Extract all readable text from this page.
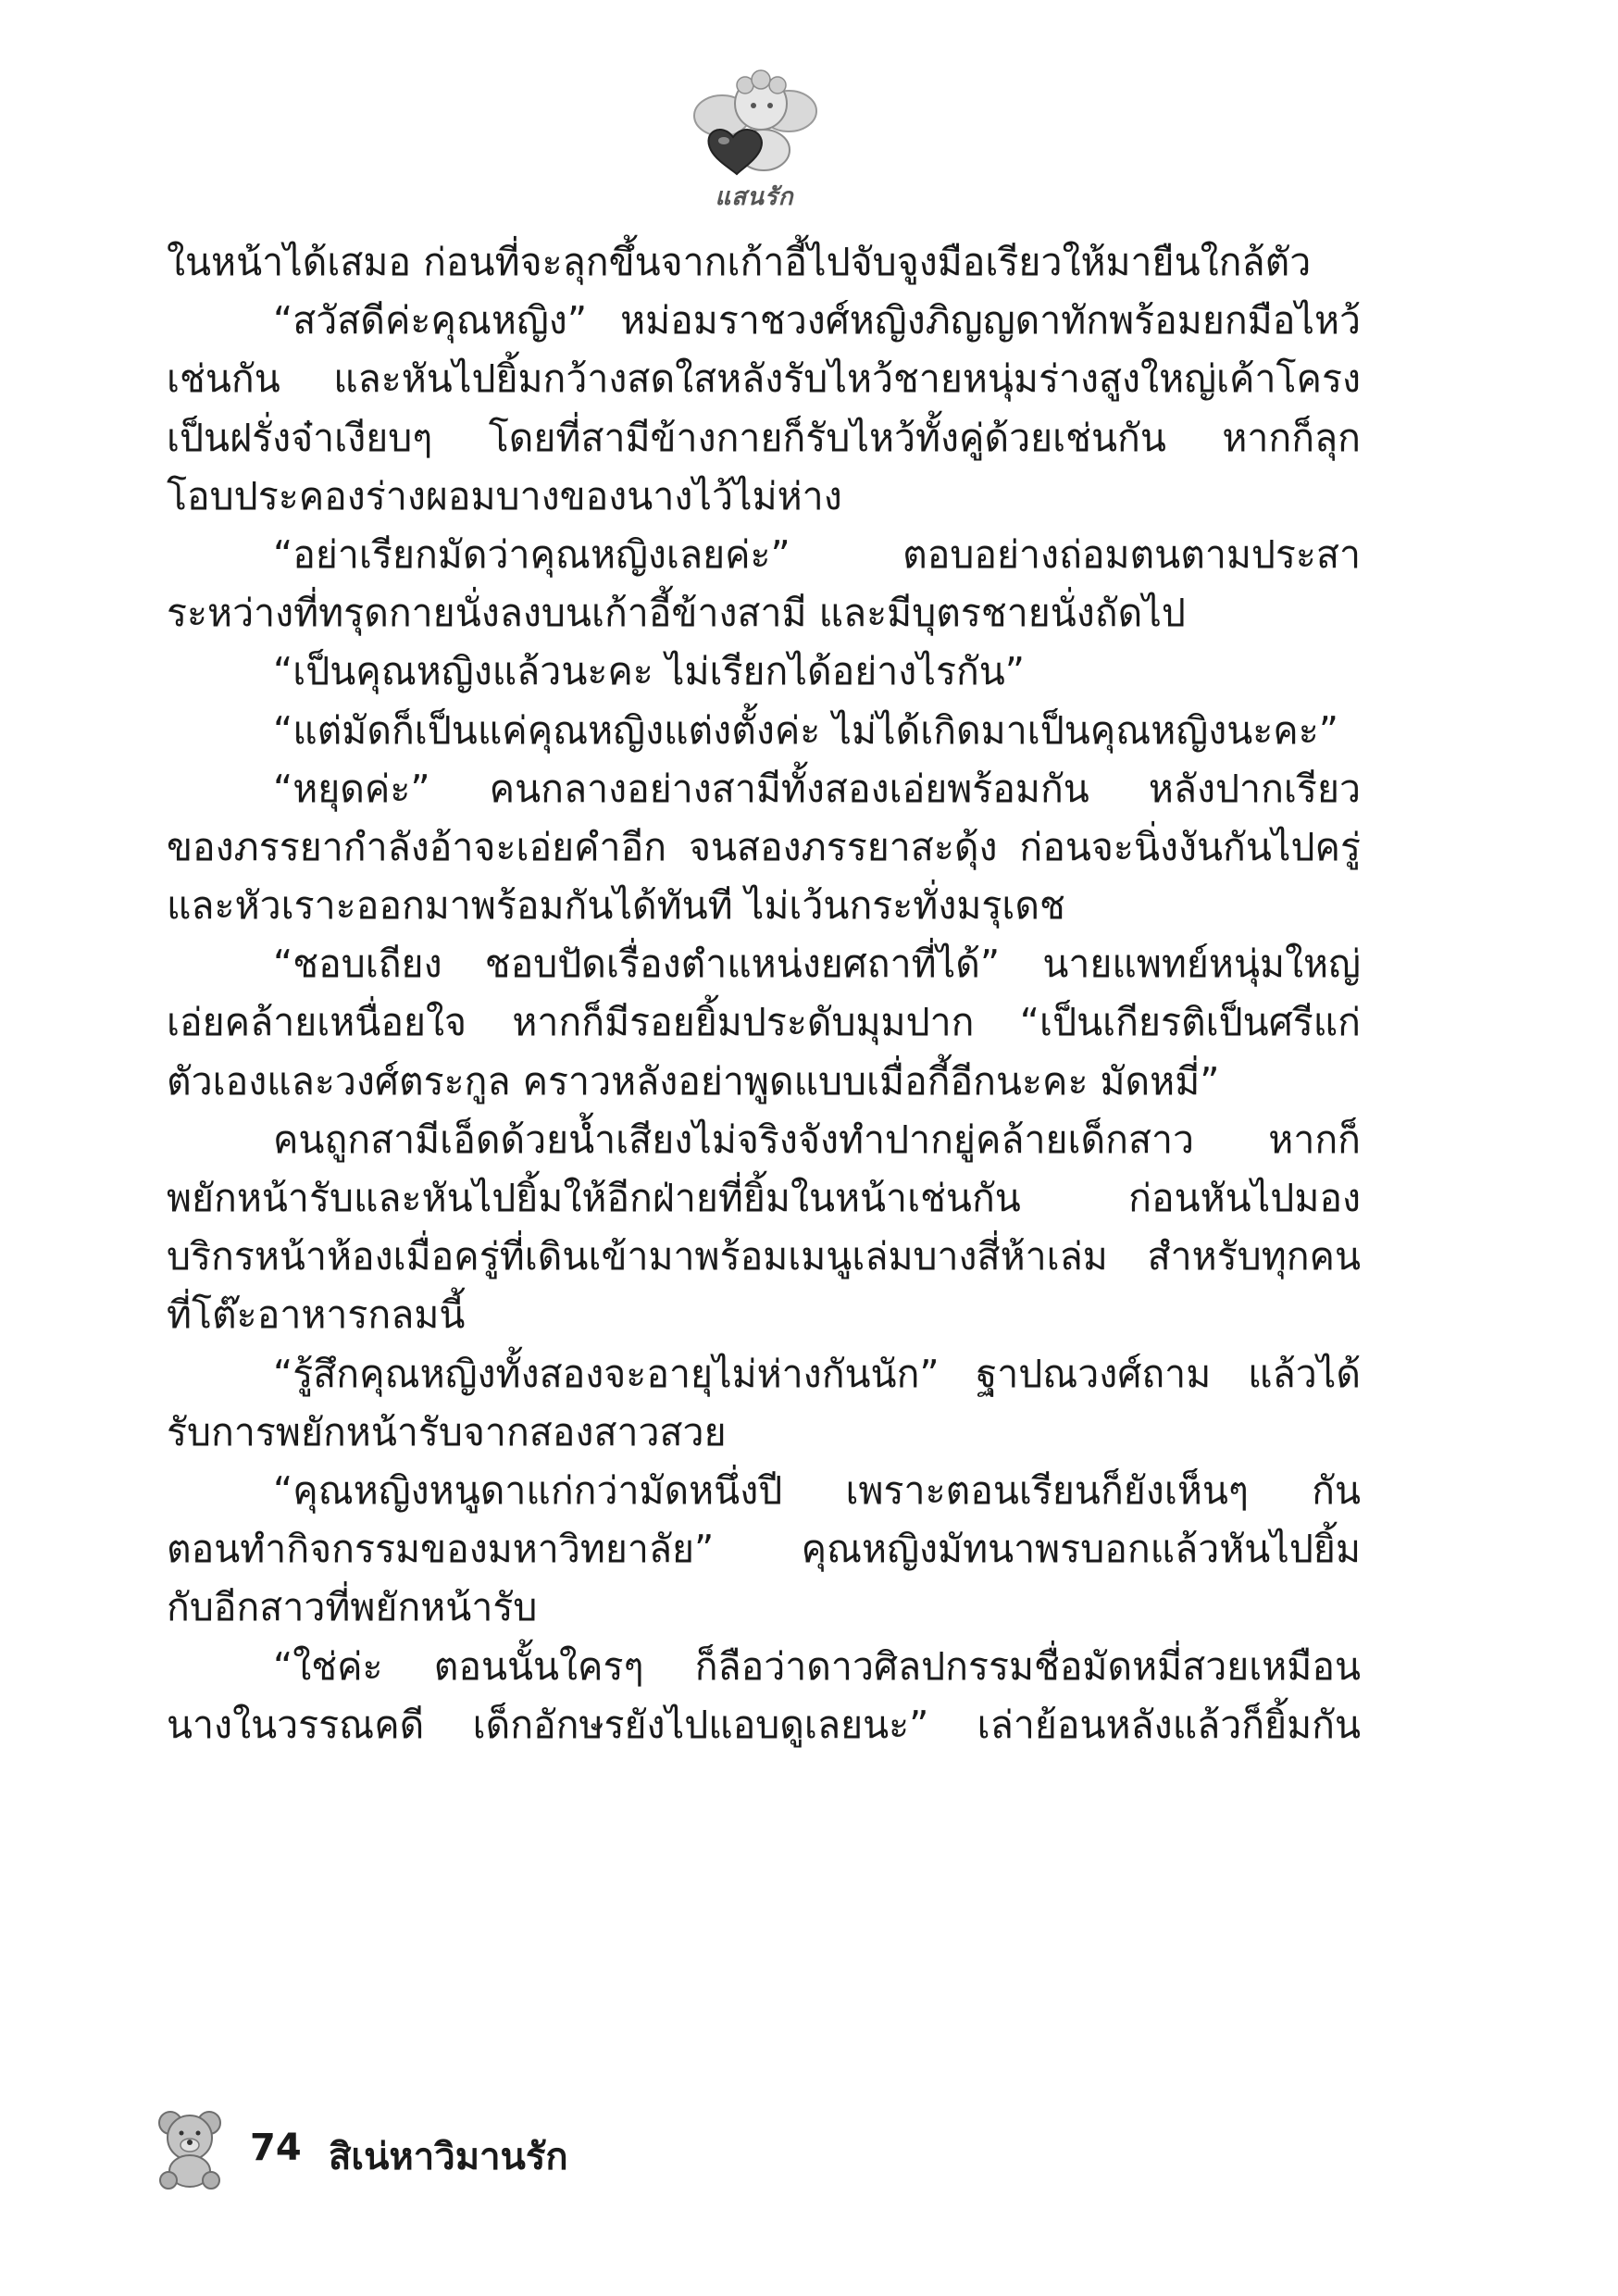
แสนรัก
ในหน้าได้เสมอ ก่อนที่จะลุกขึ้นจากเก้าอี้ไปจับจูงมือเรียวให้มายืนใกล้ตัว
“สวัสดีค่ะคุณหญิง” หม่อมราชวงศ์หญิงภิญญดาทักพร้อมยกมือไหว้
เช่นกัน และหันไปยิ้มกว้างสดใสหลังรับไหว้ชายหนุ่มร่างสูงใหญ่เค้าโครง
เป็นฝรั่งจ๋าเงียบๆ โดยที่สามีข้างกายก็รับไหว้ทั้งคู่ด้วยเช่นกัน หากก็ลุก
โอบประคองร่างผอมบางของนางไว้ไม่ห่าง
“อย่าเรียกมัดว่าคุณหญิงเลยค่ะ” ตอบอย่างถ่อมตนตามประสา
ระหว่างที่ทรุดกายนั่งลงบนเก้าอี้ข้างสามี และมีบุตรชายนั่งถัดไป
“เป็นคุณหญิงแล้วนะคะ ไม่เรียกได้อย่างไรกัน”
“แต่มัดก็เป็นแค่คุณหญิงแต่งตั้งค่ะ ไม่ได้เกิดมาเป็นคุณหญิงนะคะ”
“หยุดค่ะ” คนกลางอย่างสามีทั้งสองเอ่ยพร้อมกัน หลังปากเรียว
ของภรรยากำลังอ้าจะเอ่ยคำอีก จนสองภรรยาสะดุ้ง ก่อนจะนิ่งงันกันไปครู่
และหัวเราะออกมาพร้อมกันได้ทันที ไม่เว้นกระทั่งมรุเดช
“ชอบเถียง ชอบปัดเรื่องตำแหน่งยศถาที่ได้” นายแพทย์หนุ่มใหญ่
เอ่ยคล้ายเหนื่อยใจ หากก็มีรอยยิ้มประดับมุมปาก “เป็นเกียรติเป็นศรีแก่
ตัวเองและวงศ์ตระกูล คราวหลังอย่าพูดแบบเมื่อกี้อีกนะคะ มัดหมี่”
คนถูกสามีเอ็ดด้วยน้ำเสียงไม่จริงจังทำปากยู่คล้ายเด็กสาว หากก็
พยักหน้ารับและหันไปยิ้มให้อีกฝ่ายที่ยิ้มในหน้าเช่นกัน ก่อนหันไปมอง
บริกรหน้าห้องเมื่อครู่ที่เดินเข้ามาพร้อมเมนูเล่มบางสี่ห้าเล่ม สำหรับทุกคน
ที่โต๊ะอาหารกลมนี้
“รู้สึกคุณหญิงทั้งสองจะอายุไม่ห่างกันนัก” ฐาปณวงศ์ถาม แล้วได้
รับการพยักหน้ารับจากสองสาวสวย
“คุณหญิงหนูดาแก่กว่ามัดหนึ่งปี เพราะตอนเรียนก็ยังเห็นๆ กัน
ตอนทำกิจกรรมของมหาวิทยาลัย” คุณหญิงมัทนาพรบอกแล้วหันไปยิ้ม
กับอีกสาวที่พยักหน้ารับ
“ใช่ค่ะ ตอนนั้นใครๆ ก็ลือว่าดาวศิลปกรรมชื่อมัดหมี่สวยเหมือน
นางในวรรณคดี เด็กอักษรยังไปแอบดูเลยนะ” เล่าย้อนหลังแล้วก็ยิ้มกัน
74 สิเน่หาวิมานรัก
